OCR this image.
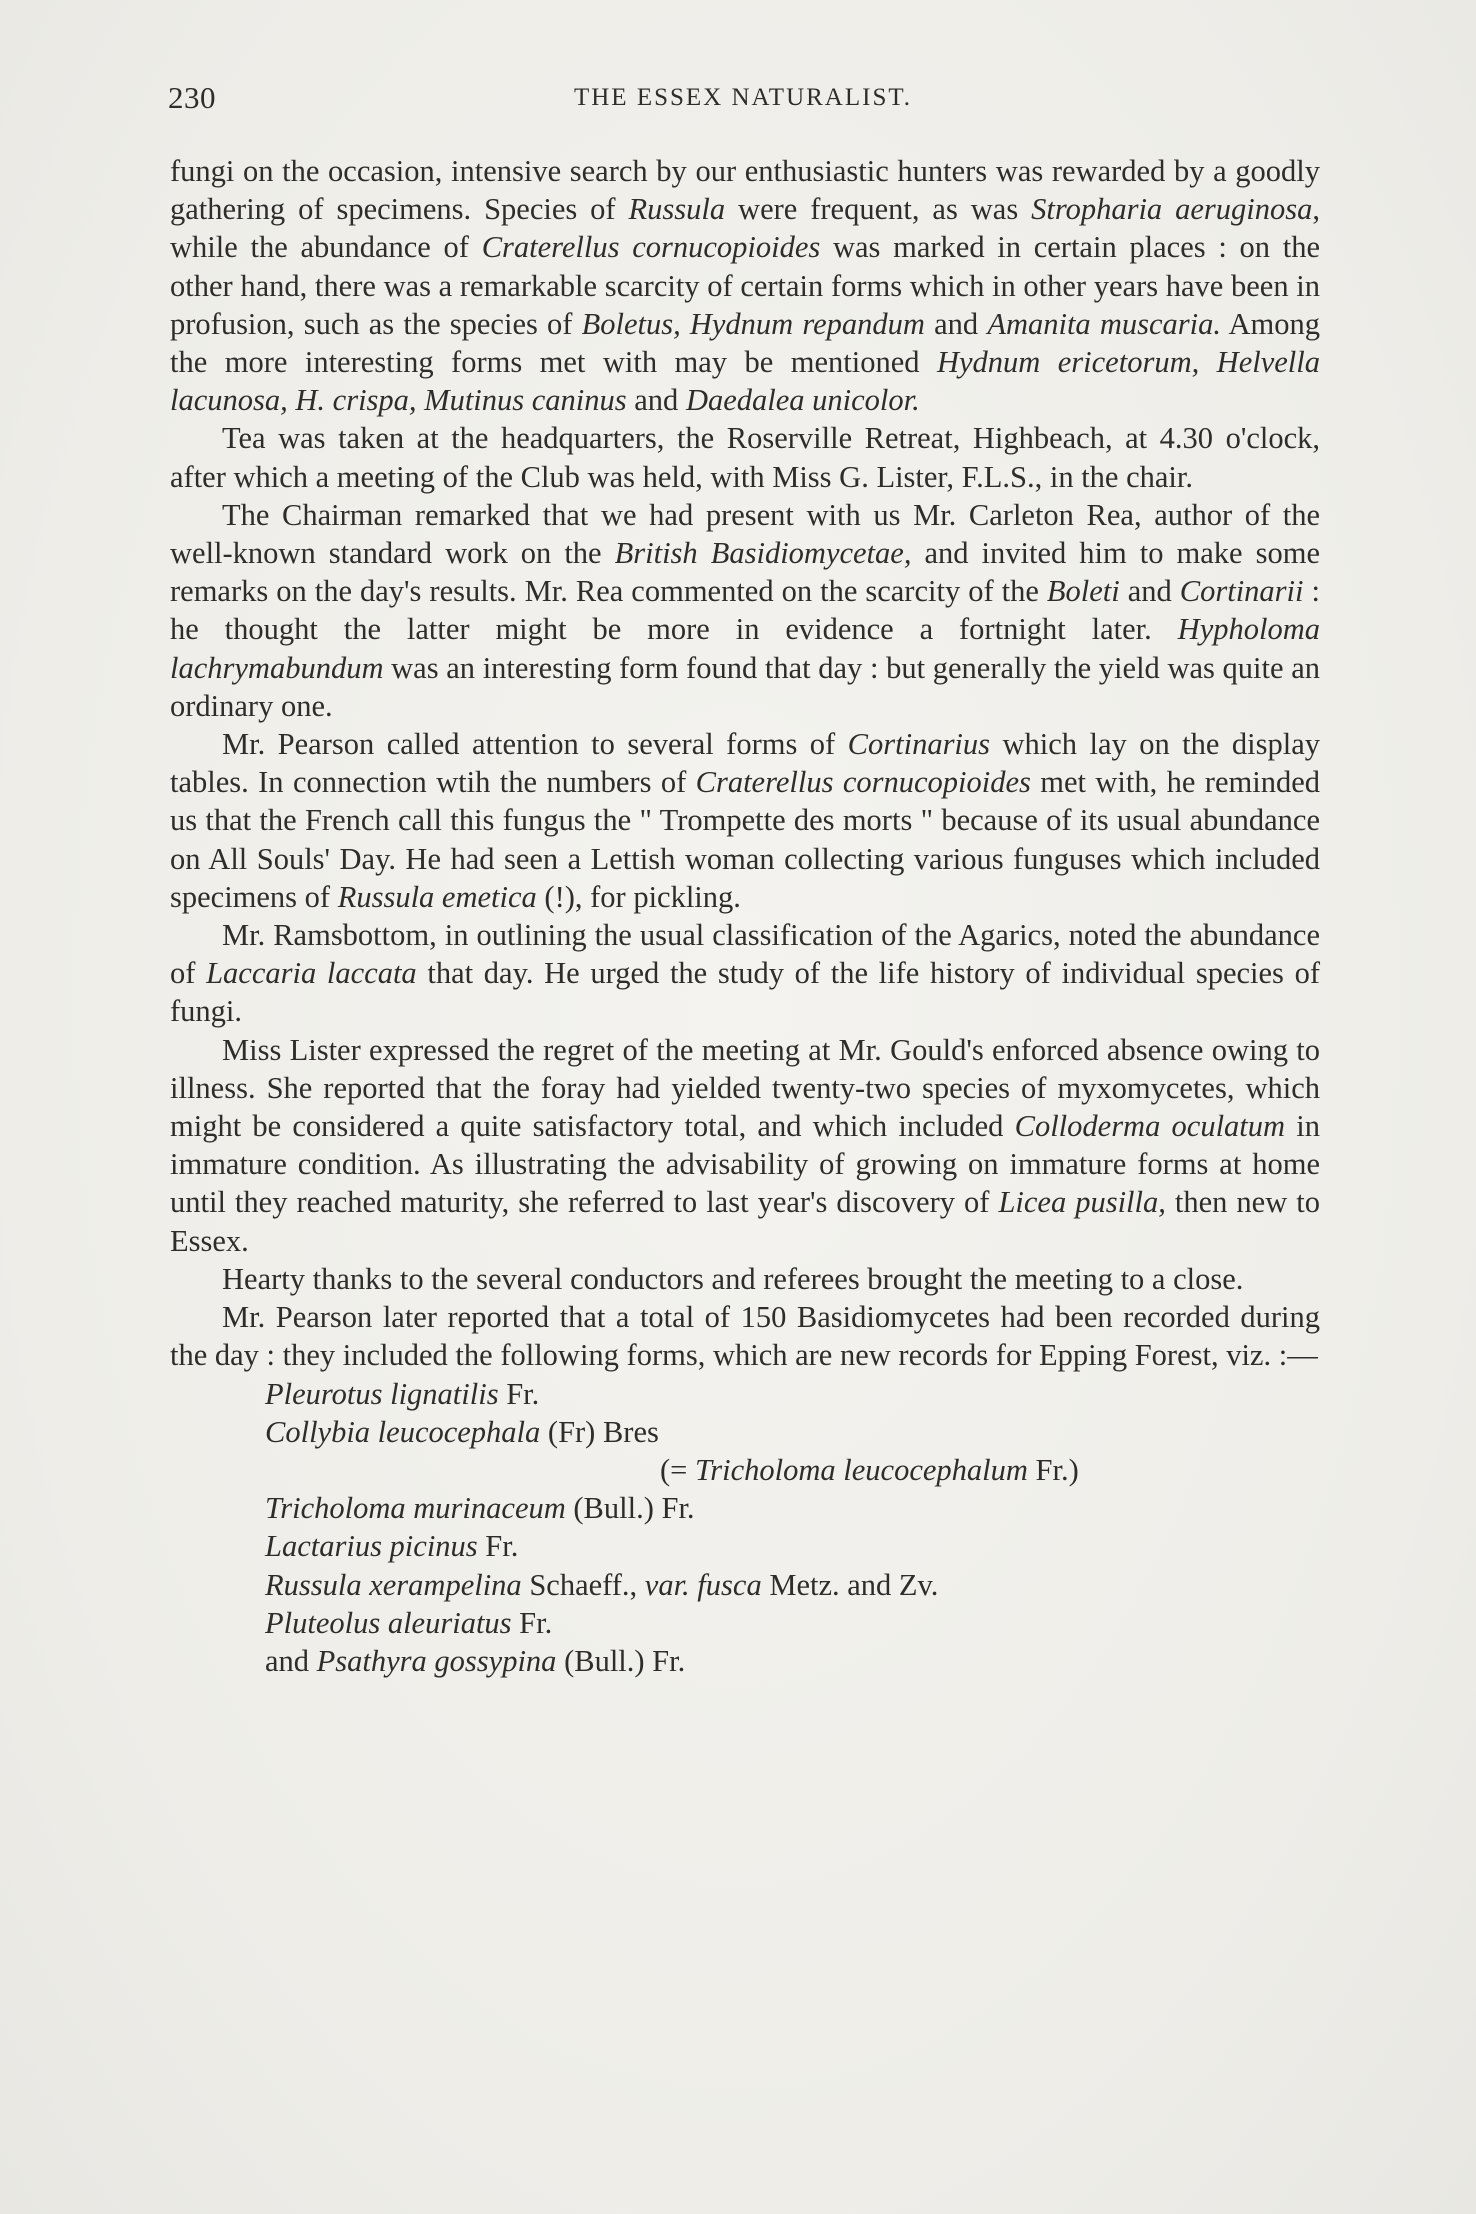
230	THE ESSEX NATURALIST.

fungi on the occasion, intensive search by our enthusiastic hunters was rewarded by a goodly gathering of specimens. Species of Russula were frequent, as was Stropharia aeruginosa, while the abundance of Craterellus cornucopioides was marked in certain places : on the other hand, there was a remarkable scarcity of certain forms which in other years have been in profusion, such as the species of Boletus, Hydnum repandum and Amanita muscaria. Among the more interesting forms met with may be mentioned Hydnum ericetorum, Helvella lacunosa, H. crispa, Mutinus caninus and Daedalea unicolor.

Tea was taken at the headquarters, the Roserville Retreat, Highbeach, at 4.30 o'clock, after which a meeting of the Club was held, with Miss G. Lister, F.L.S., in the chair.

The Chairman remarked that we had present with us Mr. Carleton Rea, author of the well-known standard work on the British Basidiomycetae, and invited him to make some remarks on the day's results. Mr. Rea commented on the scarcity of the Boleti and Cortinarii : he thought the latter might be more in evidence a fortnight later. Hypholoma lachrymabundum was an interesting form found that day : but generally the yield was quite an ordinary one.

Mr. Pearson called attention to several forms of Cortinarius which lay on the display tables. In connection wtih the numbers of Craterellus cornucopioides met with, he reminded us that the French call this fungus the " Trompette des morts " because of its usual abundance on All Souls' Day. He had seen a Lettish woman collecting various funguses which included specimens of Russula emetica (!), for pickling.

Mr. Ramsbottom, in outlining the usual classification of the Agarics, noted the abundance of Laccaria laccata that day. He urged the study of the life history of individual species of fungi.

Miss Lister expressed the regret of the meeting at Mr. Gould's enforced absence owing to illness. She reported that the foray had yielded twenty-two species of myxomycetes, which might be considered a quite satisfactory total, and which included Colloderma oculatum in immature condition. As illustrating the advisability of growing on immature forms at home until they reached maturity, she referred to last year's discovery of Licea pusilla, then new to Essex.

Hearty thanks to the several conductors and referees brought the meeting to a close.

Mr. Pearson later reported that a total of 150 Basidiomycetes had been recorded during the day : they included the following forms, which are new records for Epping Forest, viz. :—

Pleurotus lignatilis Fr.
Collybia leucocephala (Fr) Bres
(= Tricholoma leucocephalum Fr.)
Tricholoma murinaceum (Bull.) Fr.
Lactarius picinus Fr.
Russula xerampelina Schaeff., var. fusca Metz. and Zv.
Pluteolus aleuriatus Fr.
and Psathyra gossypina (Bull.) Fr.
